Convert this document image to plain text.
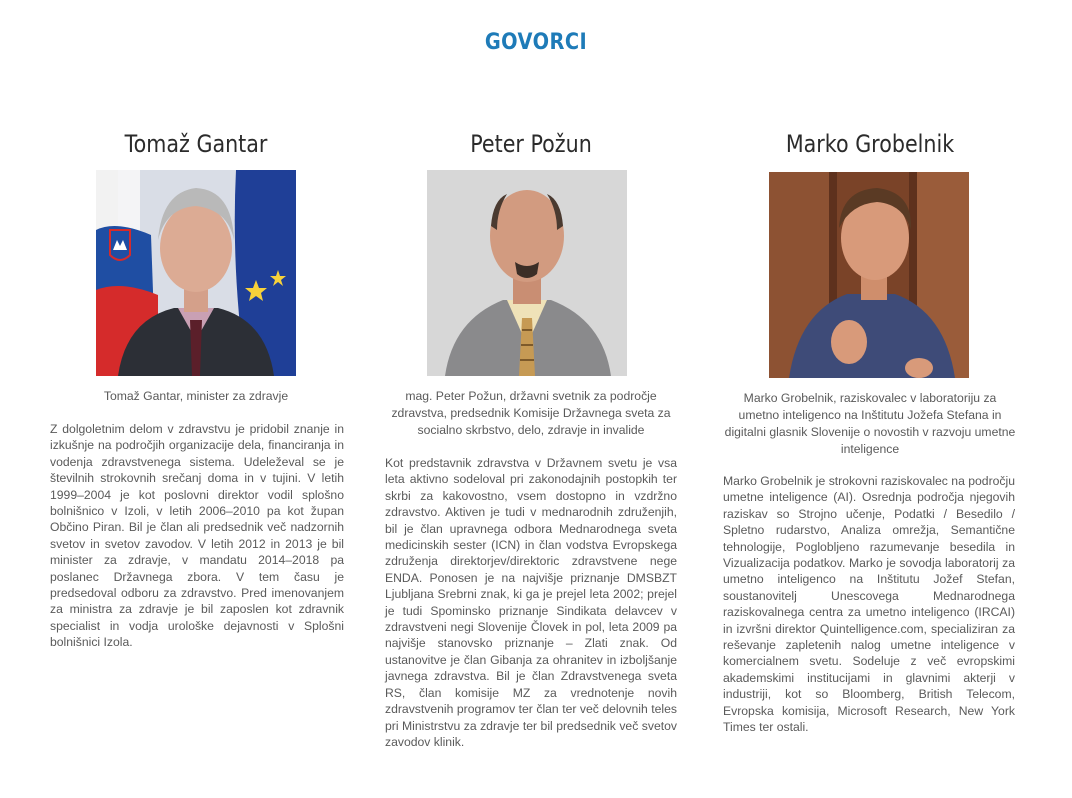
GOVORCI
Tomaž Gantar

Tomaž Gantar, minister za zdravje

Z dolgoletnim delom v zdravstvu je pridobil znanje in izkušnje na področjih organizacije dela, financiranja in vodenja zdravstvenega sistema. Udeleževal se je številnih strokovnih srečanj doma in v tujini. V letih 1999–2004 je kot poslovni direktor vodil splošno bolnišnico v Izoli, v letih 2006–2010 pa kot župan Občino Piran. Bil je član ali predsednik več nadzornih svetov in svetov zavodov. V letih 2012 in 2013 je bil minister za zdravje, v mandatu 2014–2018 pa poslanec Državnega zbora. V tem času je predsedoval odboru za zdravstvo. Pred imenovanjem za ministra za zdravje je bil zaposlen kot zdravnik specialist in vodja urološke dejavnosti v Splošni bolnišnici Izola.

Peter Požun

mag. Peter Požun, državni svetnik za področje zdravstva, predsednik Komisije Državnega sveta za socialno skrbstvo, delo, zdravje in invalide

Kot predstavnik zdravstva v Državnem svetu je vsa leta aktivno sodeloval pri zakonodajnih postopkih ter skrbi za kakovostno, vsem dostopno in vzdržno zdravstvo. Aktiven je tudi v mednarodnih združenjih, bil je član upravnega odbora Mednarodnega sveta medicinskih sester (ICN) in član vodstva Evropskega združenja direktorjev/direktoric zdravstvene nege ENDA. Ponosen je na najvišje priznanje DMSBZT Ljubljana Srebrni znak, ki ga je prejel leta 2002; prejel je tudi Spominsko priznanje Sindikata delavcev v zdravstveni negi Slovenije Človek in pol, leta 2009 pa najvišje stanovsko priznanje – Zlati znak. Od ustanovitve je član Gibanja za ohranitev in izboljšanje javnega zdravstva. Bil je član Zdravstvenega sveta RS, član komisije MZ za vrednotenje novih zdravstvenih programov ter član ter več delovnih teles pri Ministrstvu za zdravje ter bil predsednik več svetov zavodov klinik.

Marko Grobelnik

Marko Grobelnik, raziskovalec v laboratoriju za umetno inteligenco na Inštitutu Jožefa Stefana in digitalni glasnik Slovenije o novostih v razvoju umetne inteligence

Marko Grobelnik je strokovni raziskovalec na področju umetne inteligence (AI). Osrednja področja njegovih raziskav so Strojno učenje, Podatki / Besedilo / Spletno rudarstvo, Analiza omrežja, Semantične tehnologije, Poglobljeno razumevanje besedila in Vizualizacija podatkov. Marko je sovodja laboratorij za umetno inteligenco na Inštitutu Jožef Stefan, soustanovitelj Unescovega Mednarodnega raziskovalnega centra za umetno inteligenco (IRCAI) in izvršni direktor Quintelligence.com, specializiran za reševanje zapletenih nalog umetne inteligence v komercialnem svetu. Sodeluje z več evropskimi akademskimi institucijami in glavnimi akterji v industriji, kot so Bloomberg, British Telecom, Evropska komisija, Microsoft Research, New York Times ter ostali.
